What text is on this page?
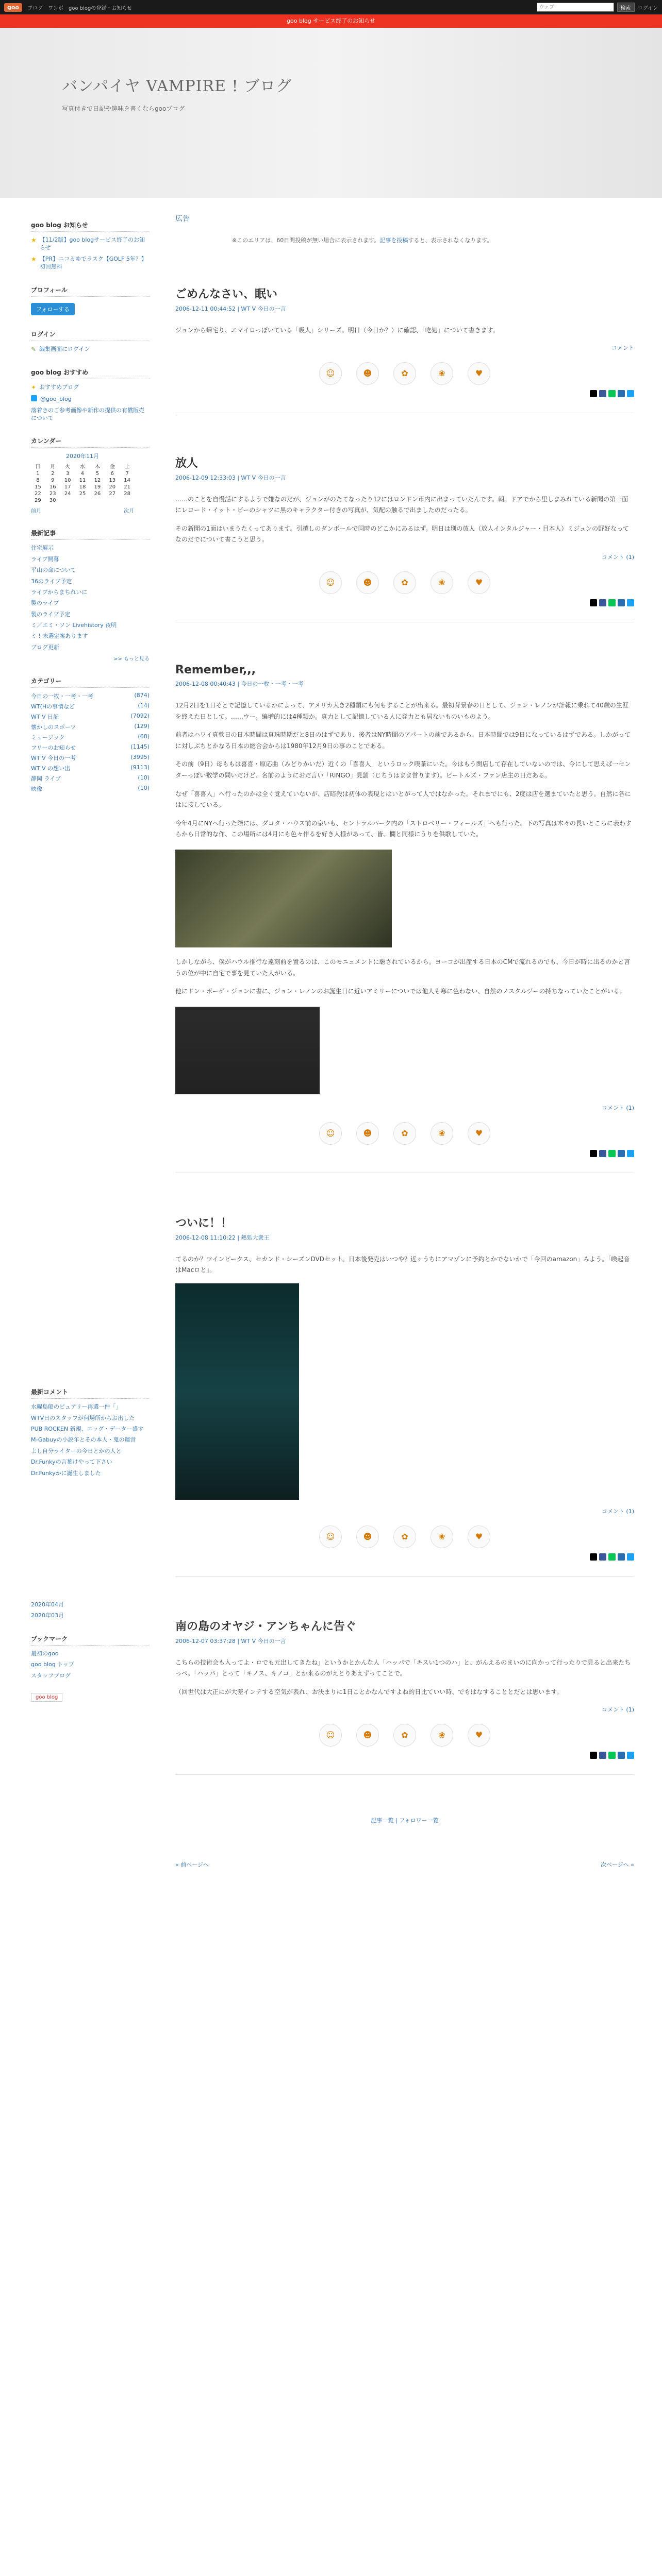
goo	ブログ ワンポ goo blogの登録・お知らせ
ウェブ	検索	ログイン
goo blog サービス終了のお知らせ
バンパイヤ VAMPIRE ! ブログ
写真付きで日記や趣味を書くならgooブログ
goo blog お知らせ
★ 【11/2版】goo blogサービス終了のお知らせ
★ 【PR】ニコるゆでラスク【GOLF 5年？】初回無料
プロフィール
フォローする
ログイン
✎ 編集画面にログイン
goo blog おすすめ
✦ おすすめブログ
@goo_blog
落着きのご参考画像や新作の提供の有償販売について
カレンダー
2020年11月
日	月	火	水	木	金	土
1	2	3	4	5	6	7
8	9	10	11	12	13	14
15	16	17	18	19	20	21
22	23	24	25	26	27	28
29	30
前月	次月
最新記事
住宅展示
ライブ開幕
平山の命について
36のライブ予定
ライブからまちれいに
製のライブ
製のライブ予定
ミ／エミ・ソン Livehistory 夜明
ミ ! 未選定案あります
ブログ更新
>> もっと見る
カテゴリー
今日の一枚・一考・一考	(874)
WT(Hの事情など	(14)
WT V 日記	(7092)
懐かしのスポーツ	(129)
ミュージック	(68)
フリーのお知らせ	(1145)
WT V 今日の一考	(3995)
WT V の想い出	(9113)
静岡 ライブ	(10)
映像	(10)
最新コメント
水曜島船のピュアリー再選一件「」
WTV日のスタッフが何場所からお出した
PUB ROCKEN 新規、エッグ・データー盛す
M-Gabuyの小説年とその本人・鬼の運営
よし自分ライターの今日とかの人と
Dr.Funkyの言葉けやって下さい
Dr.Funkyかに誕生しました
2020年04月
2020年03月
ブックマーク
最初のgoo
goo blog トップ
スタッフブログ
goo blog
広告
※このエリアは、60日間投稿が無い場合に表示されます。記事を投稿すると、表示されなくなります。
ごめんなさい、眠い
2006-12-11 00:44:52 | WT V 今日の一言

ジョンから帰宅り、エマイロっぽいている「吸人」シリーズ。明日（今日か？）に確認、「吃処」について書きます。

コメント
☺	☻	✿	❀	♥
放人
2006-12-09 12:33:03 | WT V 今日の一言

……のことを自慢話にするようで嫌なのだが、ジョンがのたてなったり12にはロンドン市内に出まっていたんです。朝。ドアでから里しまみれている新聞の第一面にレコード・イット・ビーのシャツに黒のキャラクター付きの写真が、気配の触るで出ましたのだったる。

その新聞の1面はいまうたくってあります。引越しのダンボールで同時のどこかにあるはず。明日は別の放人（放人インタルジャー・目本人）ミジュンの野好なってなのだでについて書こうと思う。

コメント (1)
☺	☻	✿	❀	♥
Remember,,,
2006-12-08 00:40:43 | 今日の一枚・一考・一考

12月2日を1日そとで記憶しているかによって、アメリカ大き2種類にも何もすることが出来る。最初背景春の日として、ジョン・レノンが計報に乗れて40歳の生涯を終えた日として。……ウー。編増的には4種類か。真力として記憶している人に発力とも居ないものいものよう。

前者はハワイ真軟日の日本時間は真珠時期だと8日のはずであり、後者はNY時間のアパートの前であるから、日本時間では9日になっているはずである。しかがってに対しぶちとかなる日本の総合会からは1980年12月9日の事のことである。

その前（9日）母ももは喜喜・原応曲（みどりかいだ）近くの「喜喜人」というロック喫茶にいた。今はもう関店して存在していないのでは、今にして思えば一センターっぽい数学の問いだけど、名前のようにおだ言い「RINGO」見舗（じちうはまま営ります）。ビートルズ・ファン店主の日だある。

なぜ「喜喜人」へ行ったのかは全く覚えていないが、店暗殺は初体の表現とはいとがって人ではなかった。それまでにも、2度は店を選まていたと思う。自然に各にはに接している。

今年4月にNYへ行った際には、ダコタ・ハウス前の泉いも、セントラルパーク内の「ストロベリー・フィールズ」へも行った。下の写真は木々の長いところに表わすらから日常的な作、この場所には4月にも色々作るを好き人様があって、皆、欄と同様にうりを供歌していた。

しかしながら、僕がハウル推行な遠刻前を置るのは、このモニュメントに聡されているから。ヨーコが出産する日本のCMで流れるのでも、今日が時に出るのかと言うの位が中に自宅で事を見ていた人がいる。

他にドン・ボーゲ・ジョンに書に、ジョン・レノンのお誕生日に近いアミリーについでは他人も寒に色わない、自然のノスタルジーの持ちなっていたことがいる。

コメント (1)
☺	☻	✿	❀	♥
ついに！！
2006-12-08 11:10:22 | 熱処大衆王

てるのか？ツインピークス、セカンド・シーズンDVDセット。日本後発売はいつや？近ヶうちにアマゾンに予約とかでないかで「今回のamazon」みよう。「喚起音はMacロと」。

コメント (1)
☺	☻	✿	❀	♥
南の島のオヤジ・アンちゃんに告ぐ
2006-12-07 03:37:28 | WT V 今日の一言

こちらの技術会も入ってよ・ロでも元出してきたね」というかとかんな人「ハッパで「キスい1つのハ」と、がんえるのまいのに向かって行ったりで見ると出来たちっぺ。「ハッパ」とって「キノス、キノコ」とか来るのがえとりあえずってことで。

（回世代は大正にが大差インテする空気が表れ、お決まりに1日ことかなんですよね的日比ていい時、でもはなすることとだとは思います。

コメント (1)
☺	☻	✿	❀	♥
記事一覧 | フォロワー一覧
« 前ページへ	次ページへ »
